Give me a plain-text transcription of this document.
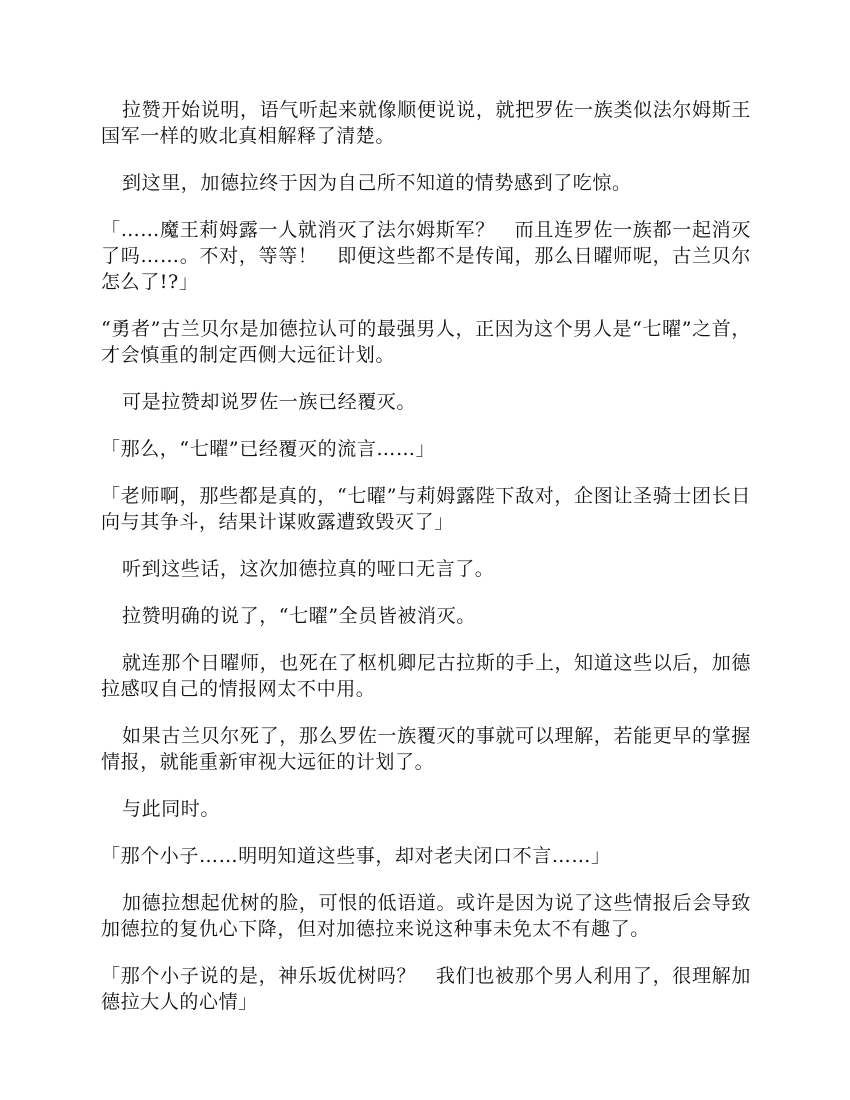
拉赞开始说明，语气听起来就像顺便说说，就把罗佐一族类似法尔姆斯王国军一样的败北真相解释了清楚。

到这里，加德拉终于因为自己所不知道的情势感到了吃惊。

「……魔王莉姆露一人就消灭了法尔姆斯军？　而且连罗佐一族都一起消灭了吗……。不对，等等！　即便这些都不是传闻，那么日曜师呢，古兰贝尔怎么了!?」

“勇者”古兰贝尔是加德拉认可的最强男人，正因为这个男人是“七曜”之首，才会慎重的制定西侧大远征计划。

可是拉赞却说罗佐一族已经覆灭。

「那么，“七曜”已经覆灭的流言……」

「老师啊，那些都是真的，“七曜”与莉姆露陛下敌对，企图让圣骑士团长日向与其争斗，结果计谋败露遭致毁灭了」

听到这些话，这次加德拉真的哑口无言了。

拉赞明确的说了，“七曜”全员皆被消灭。

就连那个日曜师，也死在了枢机卿尼古拉斯的手上，知道这些以后，加德拉感叹自己的情报网太不中用。

如果古兰贝尔死了，那么罗佐一族覆灭的事就可以理解，若能更早的掌握情报，就能重新审视大远征的计划了。

与此同时。

「那个小子……明明知道这些事，却对老夫闭口不言……」

加德拉想起优树的脸，可恨的低语道。或许是因为说了这些情报后会导致加德拉的复仇心下降，但对加德拉来说这种事未免太不有趣了。

「那个小子说的是，神乐坂优树吗？　我们也被那个男人利用了，很理解加德拉大人的心情」
